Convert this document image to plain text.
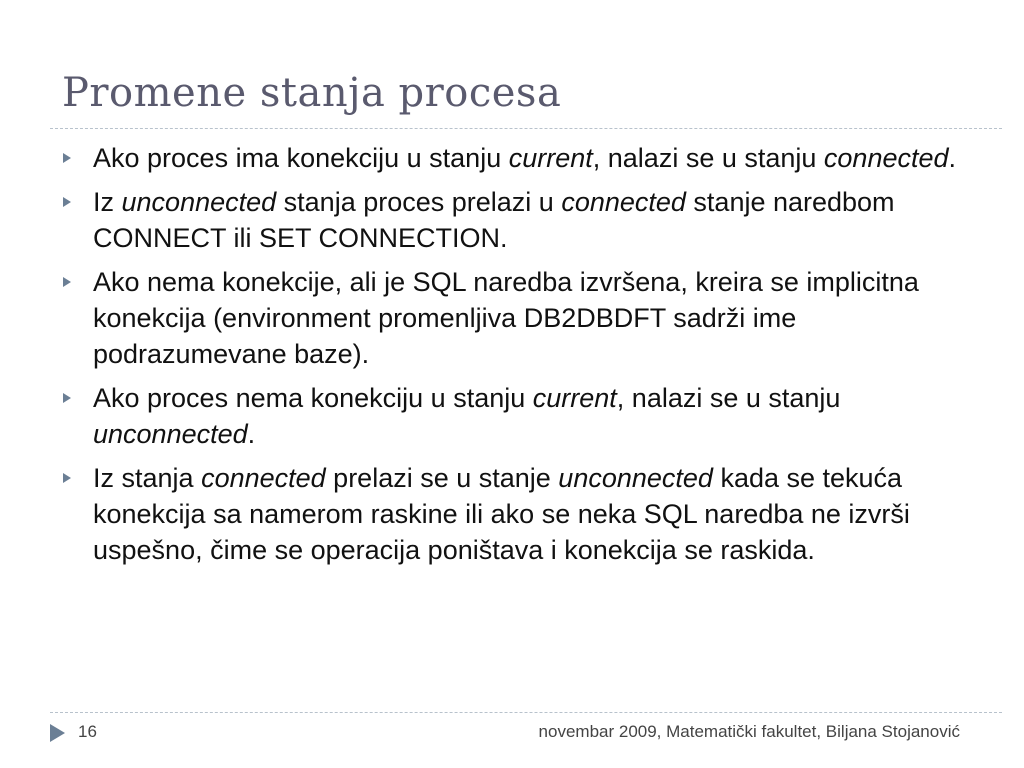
Promene stanja procesa
Ako proces ima konekciju u stanju current, nalazi se u stanju connected.
Iz unconnected stanja proces prelazi u connected stanje naredbom CONNECT ili SET CONNECTION.
Ako nema konekcije, ali je SQL naredba izvršena, kreira se implicitna konekcija (environment promenljiva DB2DBDFT sadrži ime podrazumevane baze).
Ako proces nema konekciju u stanju current, nalazi se u stanju unconnected.
Iz stanja connected prelazi se u stanje unconnected kada se tekuća konekcija sa namerom raskine ili ako se neka SQL naredba ne izvrši uspešno, čime se operacija poništava i konekcija se raskida.
16	novembar 2009, Matematički fakultet, Biljana Stojanović
